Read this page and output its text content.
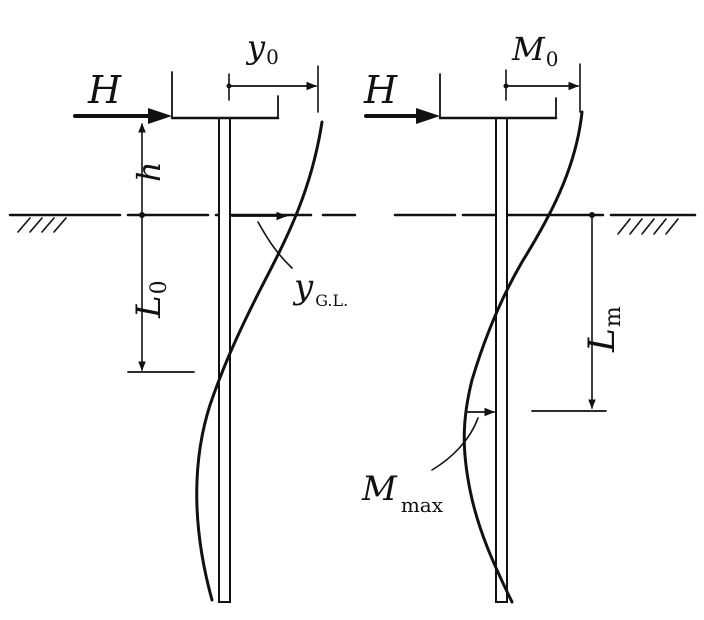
H
y0
h
L0	y $_{G.L.}$
H
M0
Lm
M $_{max}$
